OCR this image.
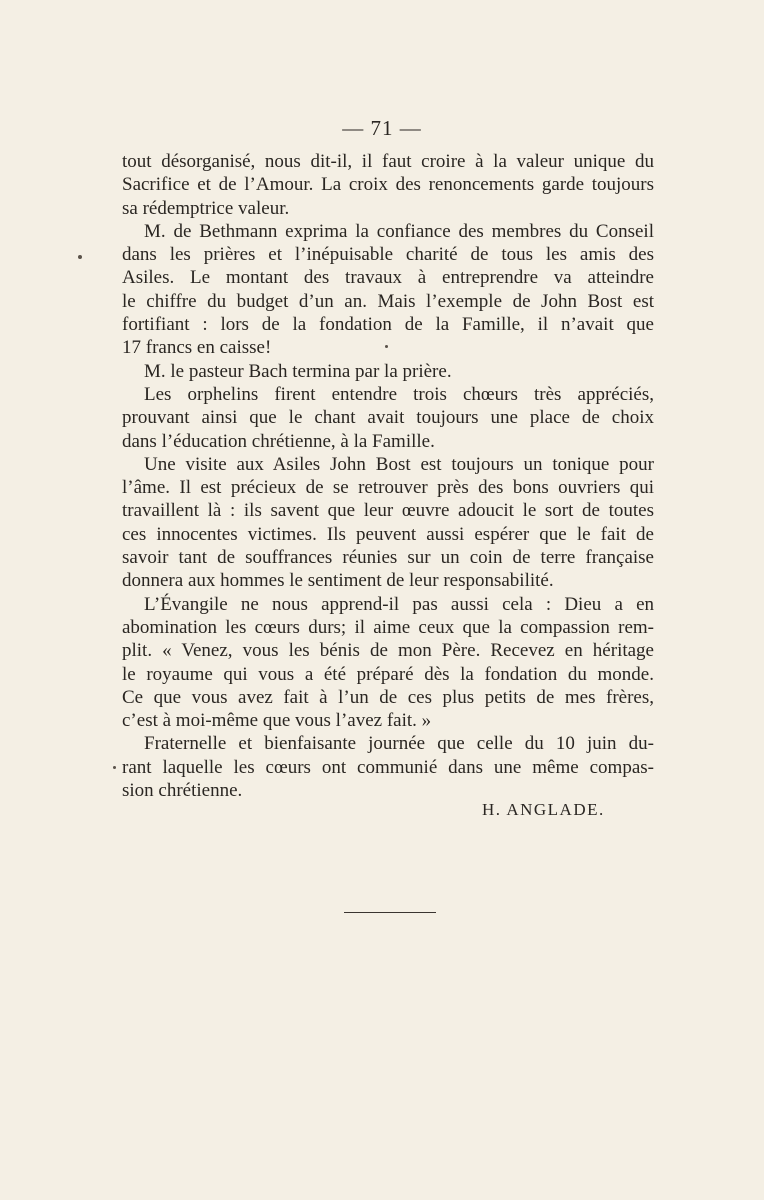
— 71 —
tout désorganisé, nous dit-il, il faut croire à la valeur unique du
Sacrifice et de l’Amour. La croix des renoncements garde toujours
sa rédemptrice valeur.
M. de Bethmann exprima la confiance des membres du Conseil
dans les prières et l’inépuisable charité de tous les amis des
Asiles. Le montant des travaux à entreprendre va atteindre
le chiffre du budget d’un an. Mais l’exemple de John Bost est
fortifiant : lors de la fondation de la Famille, il n’avait que
17 francs en caisse!
M. le pasteur Bach termina par la prière.
Les orphelins firent entendre trois chœurs très appréciés,
prouvant ainsi que le chant avait toujours une place de choix
dans l’éducation chrétienne, à la Famille.
Une visite aux Asiles John Bost est toujours un tonique pour
l’âme. Il est précieux de se retrouver près des bons ouvriers qui
travaillent là : ils savent que leur œuvre adoucit le sort de toutes
ces innocentes victimes. Ils peuvent aussi espérer que le fait de
savoir tant de souffrances réunies sur un coin de terre française
donnera aux hommes le sentiment de leur responsabilité.
L’Évangile ne nous apprend-il pas aussi cela : Dieu a en
abomination les cœurs durs; il aime ceux que la compassion rem-
plit. « Venez, vous les bénis de mon Père. Recevez en héritage
le royaume qui vous a été préparé dès la fondation du monde.
Ce que vous avez fait à l’un de ces plus petits de mes frères,
c’est à moi-même que vous l’avez fait. »
Fraternelle et bienfaisante journée que celle du 10 juin du-
rant laquelle les cœurs ont communié dans une même compas-
sion chrétienne.
H. ANGLADE.
